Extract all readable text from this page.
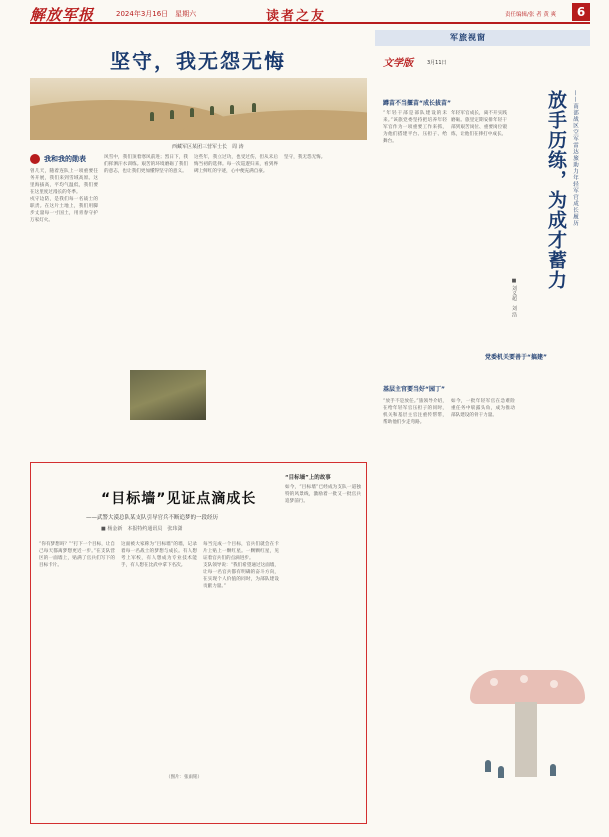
解放军报	2024年3月16日　星期六	读者之友	责任编辑/张 者 黄 爽	6
坚守，我无怨无悔
西藏军区某团三营军士长　周 涛
我和我的勋表

曾几天，随着连队上一项重要任务开展，我们来到雪域高原。这里海拔高，平均气温低，我们要在这里度过漫长的冬季。

戍守边防，是我们每一名战士的职责。在这片土地上，我们用脚步丈量每一寸国土，用青春守护万家灯火。

风雪中，我们顶着寒风前进；烈日下，我们挥洒汗水训练。艰苦的环境磨砺了我们的意志，也让我们更加懂得坚守的意义。

这些年，我立过功，也受过伤，但从未后悔当初的选择。每一次巡逻归来，看到界碑上鲜红的字迹，心中便充满自豪。

坚守，我无怨无悔。

“目标墙”见证点滴成长
——武警大漠总队某支队引导官兵不断追梦的一段经历
■ 杨金新　本报特约通讯员　张玮潇

“你有梦想吗？”“打下一个目标，让自己每天都离梦想更近一步。”在支队营区的一面墙上，贴满了官兵们写下的目标卡片。

这面被大家称为“目标墙”的墙，记录着每一名战士的梦想与成长。有人想考上军校，有人想成为专业技术能手，有人想在比武中拿下名次。

每当完成一个目标，官兵们就会在卡片上贴上一颗红星。一颗颗红星，见证着官兵们的点滴进步。

支队领导说：“我们希望通过这面墙，让每一名官兵都有明确的奋斗方向，在实现个人价值的同时，为部队建设贡献力量。”

“目标墙”上的故事

如今，“目标墙”已经成为支队一道独特的风景线，激励着一批又一批官兵追梦前行。

军旅视窗
文学版	3月11日
放手历练，为成才蓄力 ——南部战区空军雷达旅助力年轻军官成长履历
■ 刘义超　刘 浩
蹲苗不当揠苗“成长拔苗”

“年轻干部是部队建设的未来。”该旅党委坚持把培养年轻军官作为一项重要工作来抓，为他们搭建平台、压担子、给舞台。

年轻军官成长，离不开实践磨砺。旅里定期安排年轻干部到艰苦岗位、重要岗位锻炼，让他们在摔打中成长。

党委机关要善于“搞建”
基层主官要当好“园丁”

“放手不是放任。”旅领导介绍，在给年轻军官压担子的同时，机关和基层主官注重传帮带，帮助他们少走弯路。

如今，一批年轻军官在急难险重任务中崭露头角，成为推动部队建设的骨干力量。

（图片：张雨铭）
